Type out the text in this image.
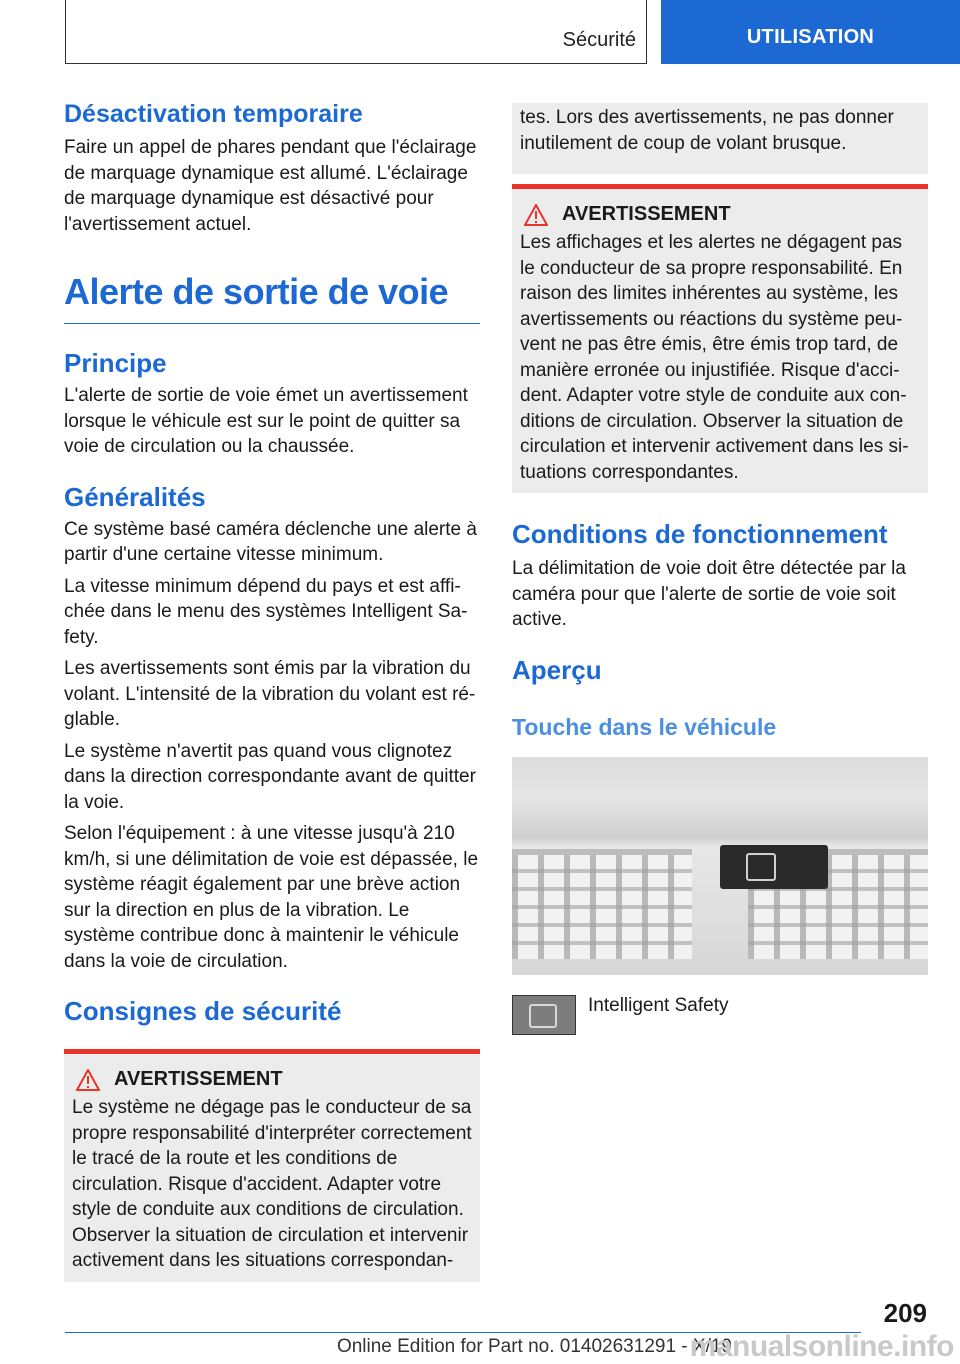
Sécurité	UTILISATION
Désactivation temporaire

Faire un appel de phares pendant que l'éclairage de marquage dynamique est allumé. L'éclairage de marquage dynamique est désactivé pour l'avertissement actuel.

Alerte de sortie de voie
Principe

L'alerte de sortie de voie émet un avertissement lorsque le véhicule est sur le point de quitter sa voie de circulation ou la chaussée.

Généralités

Ce système basé caméra déclenche une alerte à partir d'une certaine vitesse minimum.

La vitesse minimum dépend du pays et est affichée dans le menu des systèmes Intelligent Safety.

Les avertissements sont émis par la vibration du volant. L'intensité de la vibration du volant est réglable.

Le système n'avertit pas quand vous clignotez dans la direction correspondante avant de quitter la voie.

Selon l'équipement : à une vitesse jusqu'à 210 km/h, si une délimitation de voie est dépassée, le système réagit également par une brève action sur la direction en plus de la vibration. Le système contribue donc à maintenir le véhicule dans la voie de circulation.

Consignes de sécurité
AVERTISSEMENT

Le système ne dégage pas le conducteur de sa propre responsabilité d'interpréter correctement le tracé de la route et les conditions de circulation. Risque d'accident. Adapter votre style de conduite aux conditions de circulation. Observer la situation de circulation et intervenir activement dans les situations correspondan-

tes. Lors des avertissements, ne pas donner inutilement de coup de volant brusque.

AVERTISSEMENT

Les affichages et les alertes ne dégagent pas le conducteur de sa propre responsabilité. En raison des limites inhérentes au système, les avertissements ou réactions du système peuvent ne pas être émis, être émis trop tard, de manière erronée ou injustifiée. Risque d'accident. Adapter votre style de conduite aux conditions de circulation. Observer la situation de circulation et intervenir activement dans les situations correspondantes.

Conditions de fonctionnement

La délimitation de voie doit être détectée par la caméra pour que l'alerte de sortie de voie soit active.

Aperçu
Touche dans le véhicule
Intelligent Safety
209
Online Edition for Part no. 01402631291 - X/19
manualsonline.info
